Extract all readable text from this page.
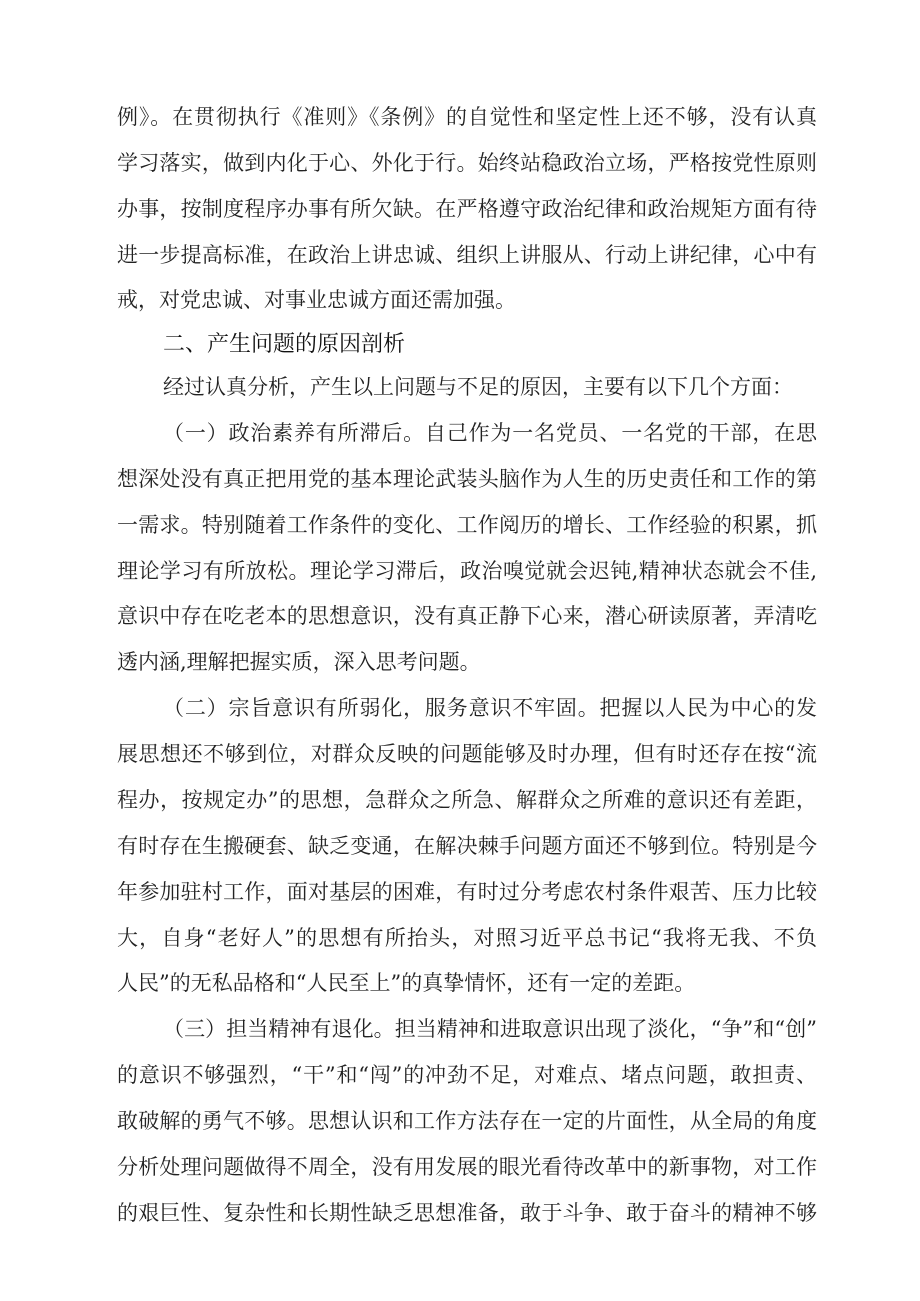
例》。在贯彻执行《准则》《条例》的自觉性和坚定性上还不够，没有认真
学习落实，做到内化于心、外化于行。始终站稳政治立场，严格按党性原则
办事，按制度程序办事有所欠缺。在严格遵守政治纪律和政治规矩方面有待
进一步提高标准，在政治上讲忠诚、组织上讲服从、行动上讲纪律，心中有
戒，对党忠诚、对事业忠诚方面还需加强。
二、产生问题的原因剖析
经过认真分析，产生以上问题与不足的原因，主要有以下几个方面：
（一）政治素养有所滞后。自己作为一名党员、一名党的干部，在思
想深处没有真正把用党的基本理论武装头脑作为人生的历史责任和工作的第
一需求。特别随着工作条件的变化、工作阅历的增长、工作经验的积累，抓
理论学习有所放松。理论学习滞后，政治嗅觉就会迟钝,精神状态就会不佳,
意识中存在吃老本的思想意识，没有真正静下心来，潜心研读原著，弄清吃
透内涵,理解把握实质，深入思考问题。
（二）宗旨意识有所弱化，服务意识不牢固。把握以人民为中心的发
展思想还不够到位，对群众反映的问题能够及时办理，但有时还存在按“流
程办，按规定办”的思想，急群众之所急、解群众之所难的意识还有差距，
有时存在生搬硬套、缺乏变通，在解决棘手问题方面还不够到位。特别是今
年参加驻村工作，面对基层的困难，有时过分考虑农村条件艰苦、压力比较
大，自身“老好人”的思想有所抬头，对照习近平总书记“我将无我、不负
人民”的无私品格和“人民至上”的真挚情怀，还有一定的差距。
（三）担当精神有退化。担当精神和进取意识出现了淡化，“争”和“创”
的意识不够强烈，“干”和“闯”的冲劲不足，对难点、堵点问题，敢担责、
敢破解的勇气不够。思想认识和工作方法存在一定的片面性，从全局的角度
分析处理问题做得不周全，没有用发展的眼光看待改革中的新事物，对工作
的艰巨性、复杂性和长期性缺乏思想准备，敢于斗争、敢于奋斗的精神不够
